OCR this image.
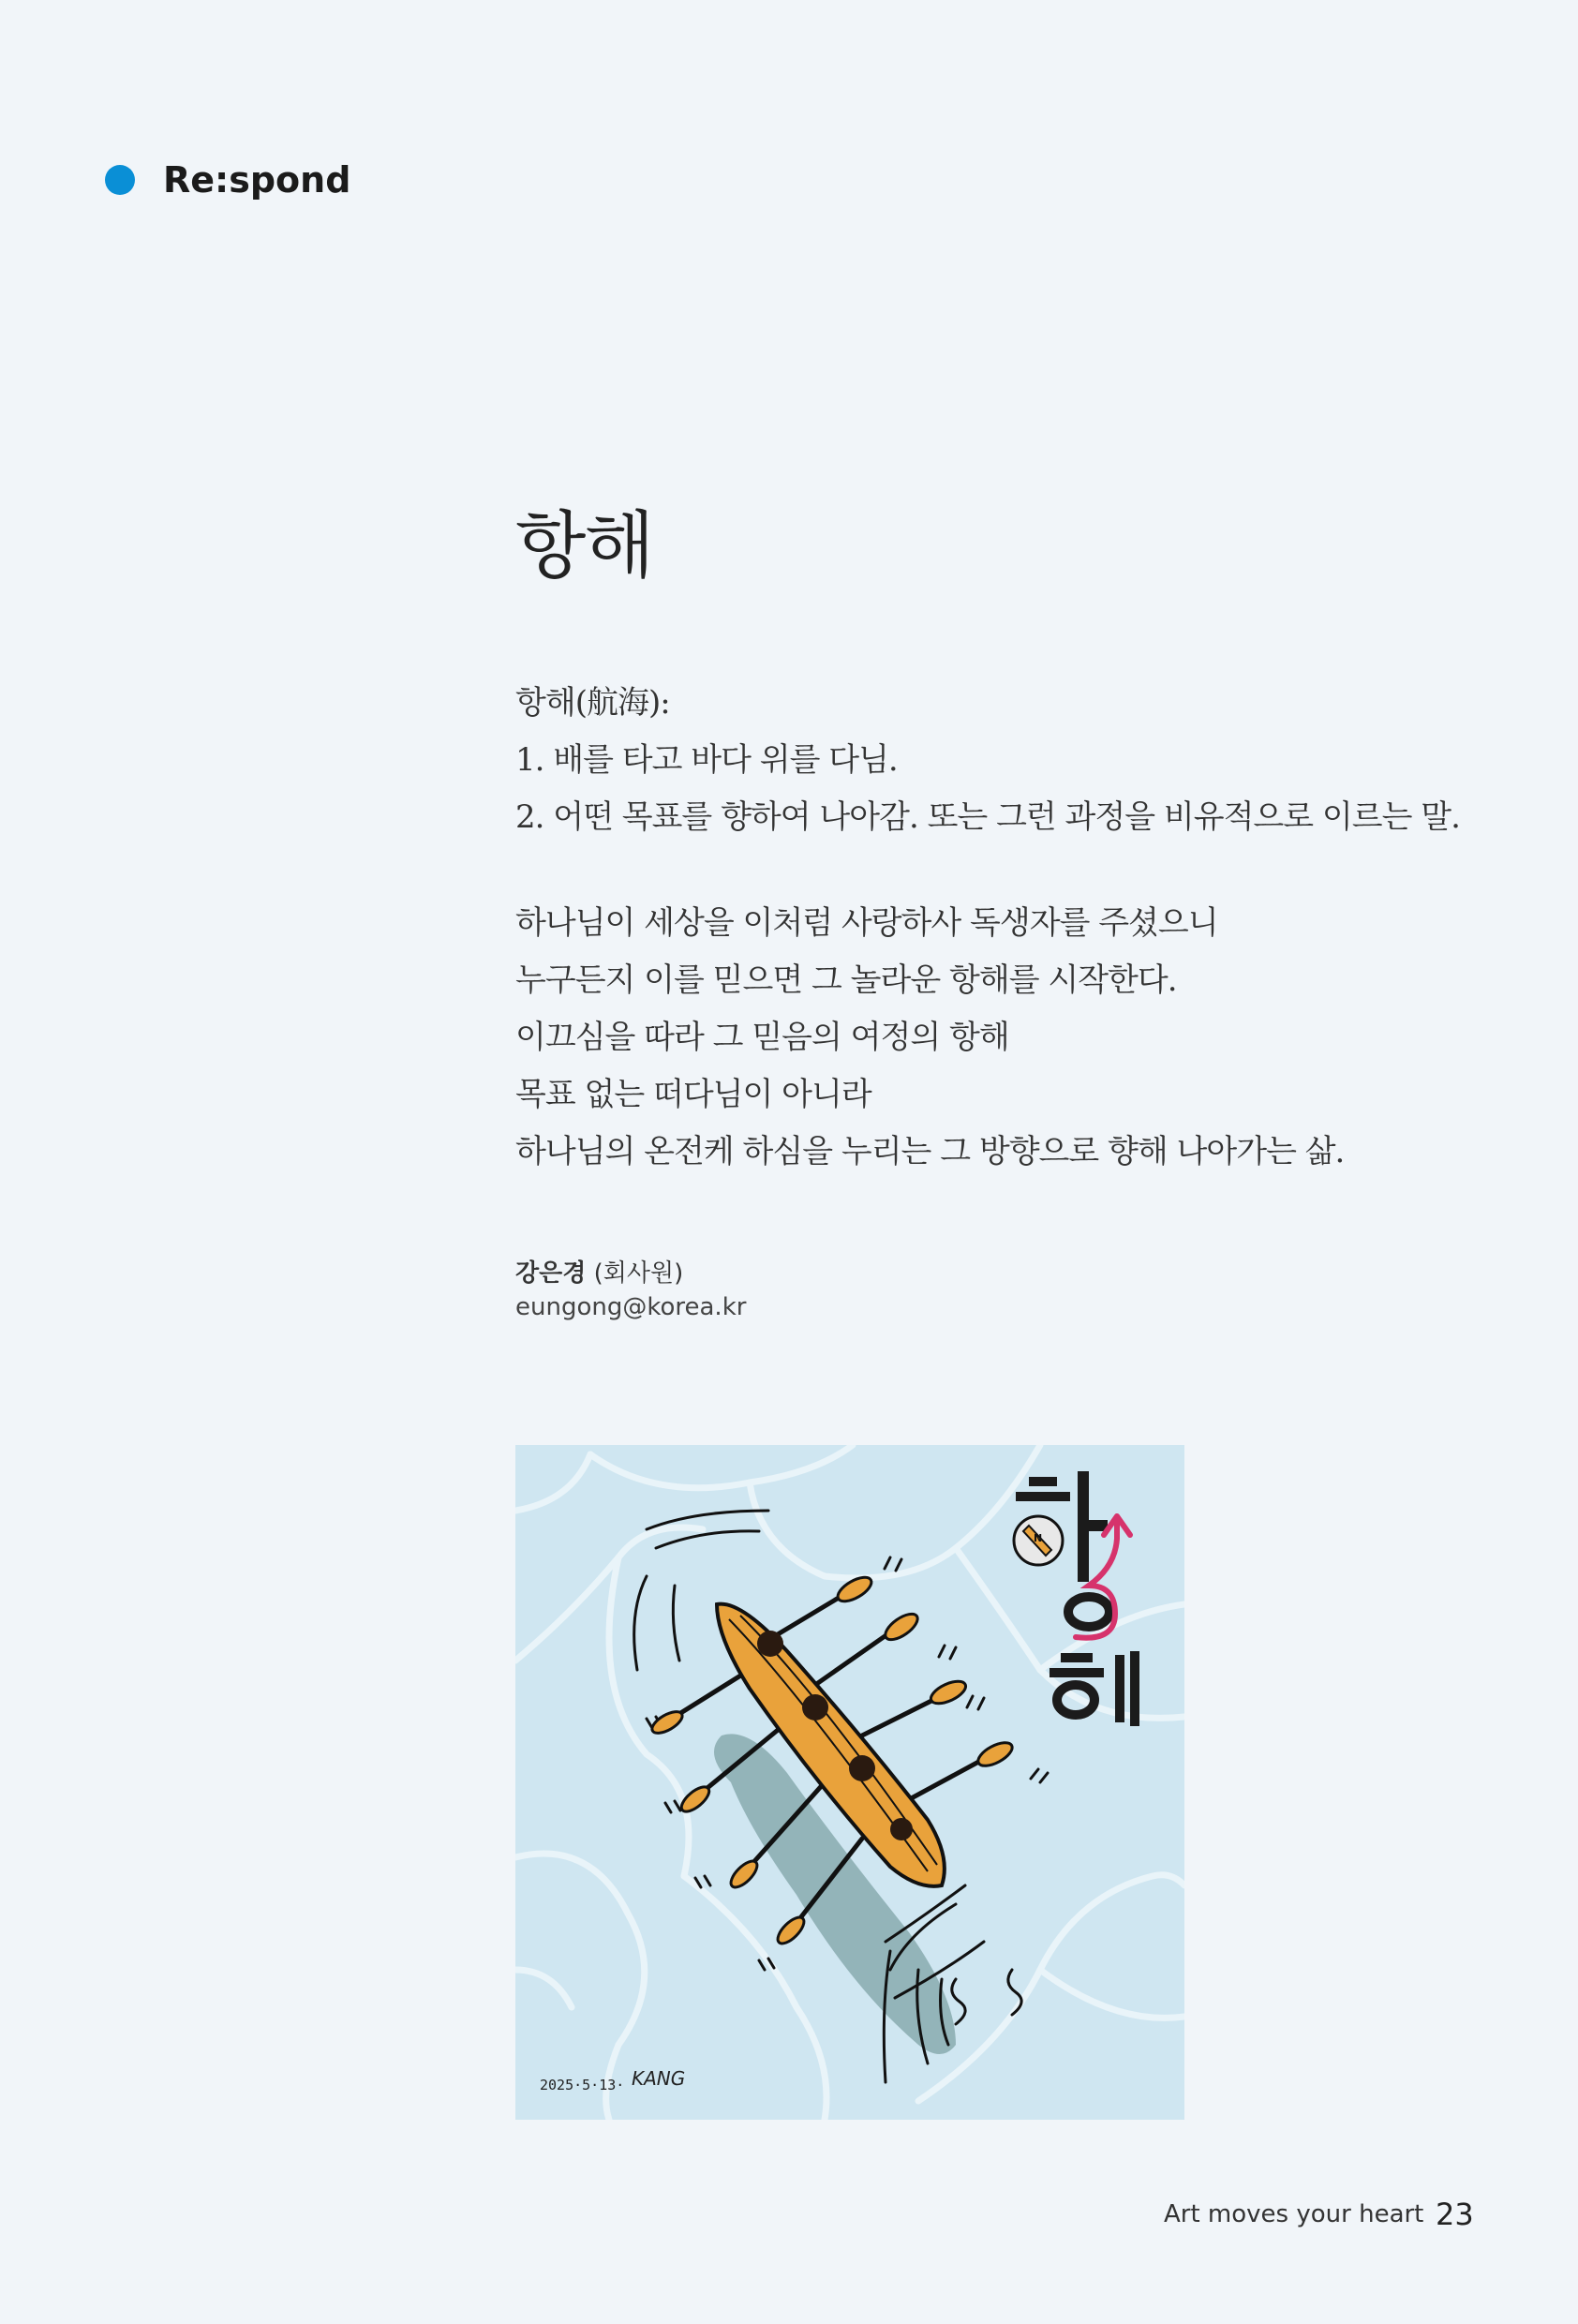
Re:spond
항해
항해(航海):
1. 배를 타고 바다 위를 다님.
2. 어떤 목표를 향하여 나아감. 또는 그런 과정을 비유적으로 이르는 말.
하나님이 세상을 이처럼 사랑하사 독생자를 주셨으니
누구든지 이를 믿으면 그 놀라운 항해를 시작한다.
이끄심을 따라 그 믿음의 여정의 항해
목표 없는 떠다님이 아니라
하나님의 온전케 하심을 누리는 그 방향으로 향해 나아가는 삶.
강은경 (회사원)
eungong@korea.kr
N
2025·5·13· KANG
Art moves your heart 23
